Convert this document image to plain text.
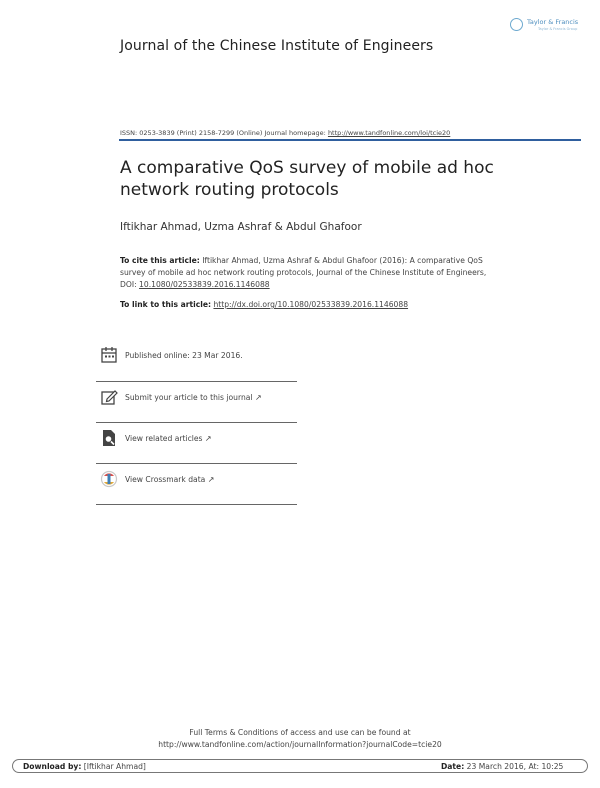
Journal of the Chinese Institute of Engineers
Taylor & Francis
Taylor & Francis Group
ISSN: 0253-3839 (Print) 2158-7299 (Online) Journal homepage: http://www.tandfonline.com/loi/tcie20
A comparative QoS survey of mobile ad hoc network routing protocols
Iftikhar Ahmad, Uzma Ashraf & Abdul Ghafoor
To cite this article: Iftikhar Ahmad, Uzma Ashraf & Abdul Ghafoor (2016): A comparative QoS survey of mobile ad hoc network routing protocols, Journal of the Chinese Institute of Engineers, DOI: 10.1080/02533839.2016.1146088
To link to this article: http://dx.doi.org/10.1080/02533839.2016.1146088
Published online: 23 Mar 2016.
Submit your article to this journal ↗
View related articles ↗
View Crossmark data ↗
Full Terms & Conditions of access and use can be found at
http://www.tandfonline.com/action/journalInformation?journalCode=tcie20
Download by: [Iftikhar Ahmad]	Date: 23 March 2016, At: 10:25
